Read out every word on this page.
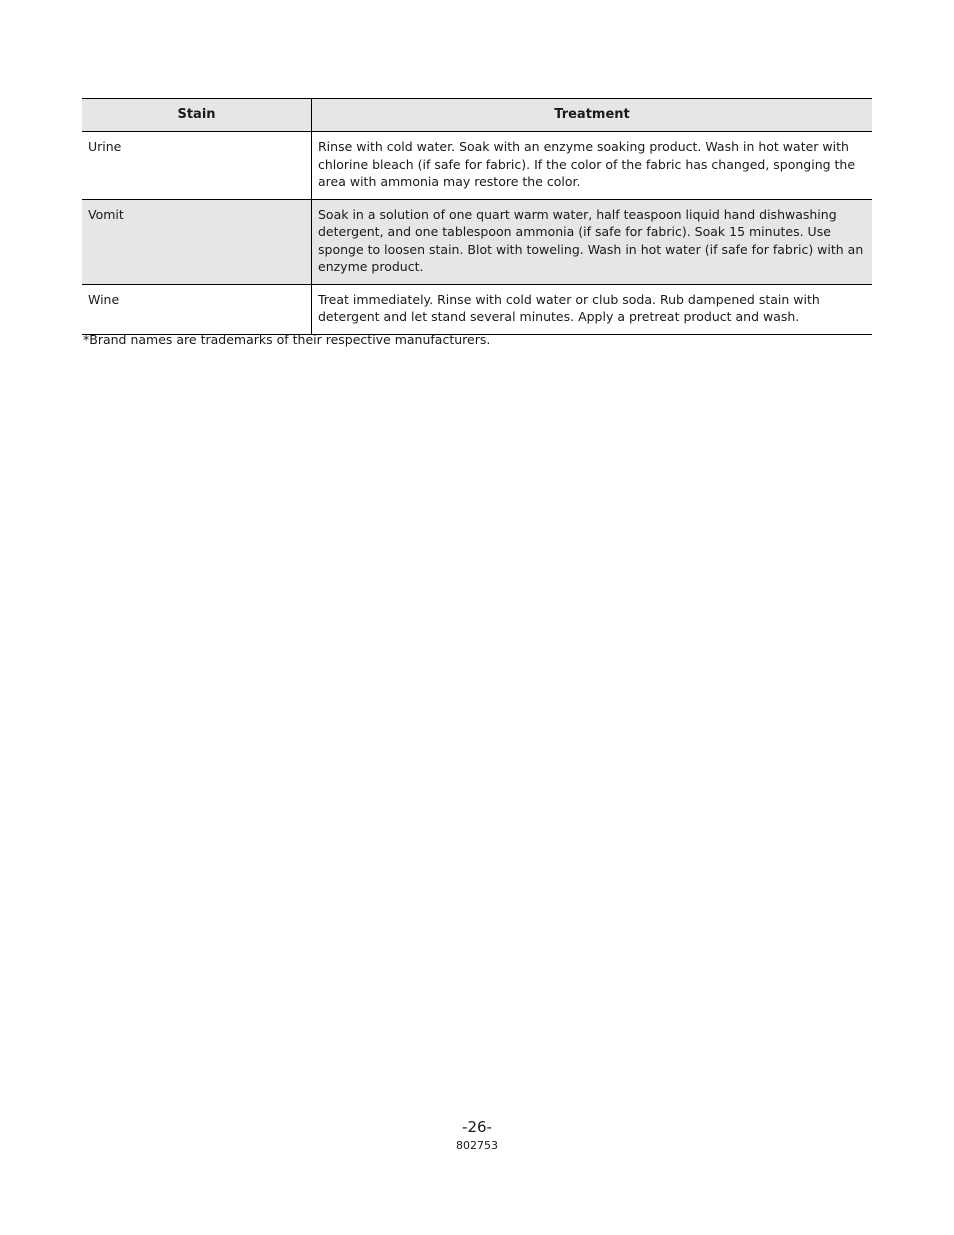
Stain	Treatment
Urine	Rinse with cold water. Soak with an enzyme soaking product. Wash in hot water with chlorine bleach (if safe for fabric). If the color of the fabric has changed, sponging the area with ammonia may restore the color.
Vomit	Soak in a solution of one quart warm water, half teaspoon liquid hand dishwashing detergent, and one tablespoon ammonia (if safe for fabric). Soak 15 minutes. Use sponge to loosen stain. Blot with toweling. Wash in hot water (if safe for fabric) with an enzyme product.
Wine	Treat immediately. Rinse with cold water or club soda. Rub dampened stain with detergent and let stand several minutes. Apply a pretreat product and wash.
*Brand names are trademarks of their respective manufacturers.
-26-
802753
